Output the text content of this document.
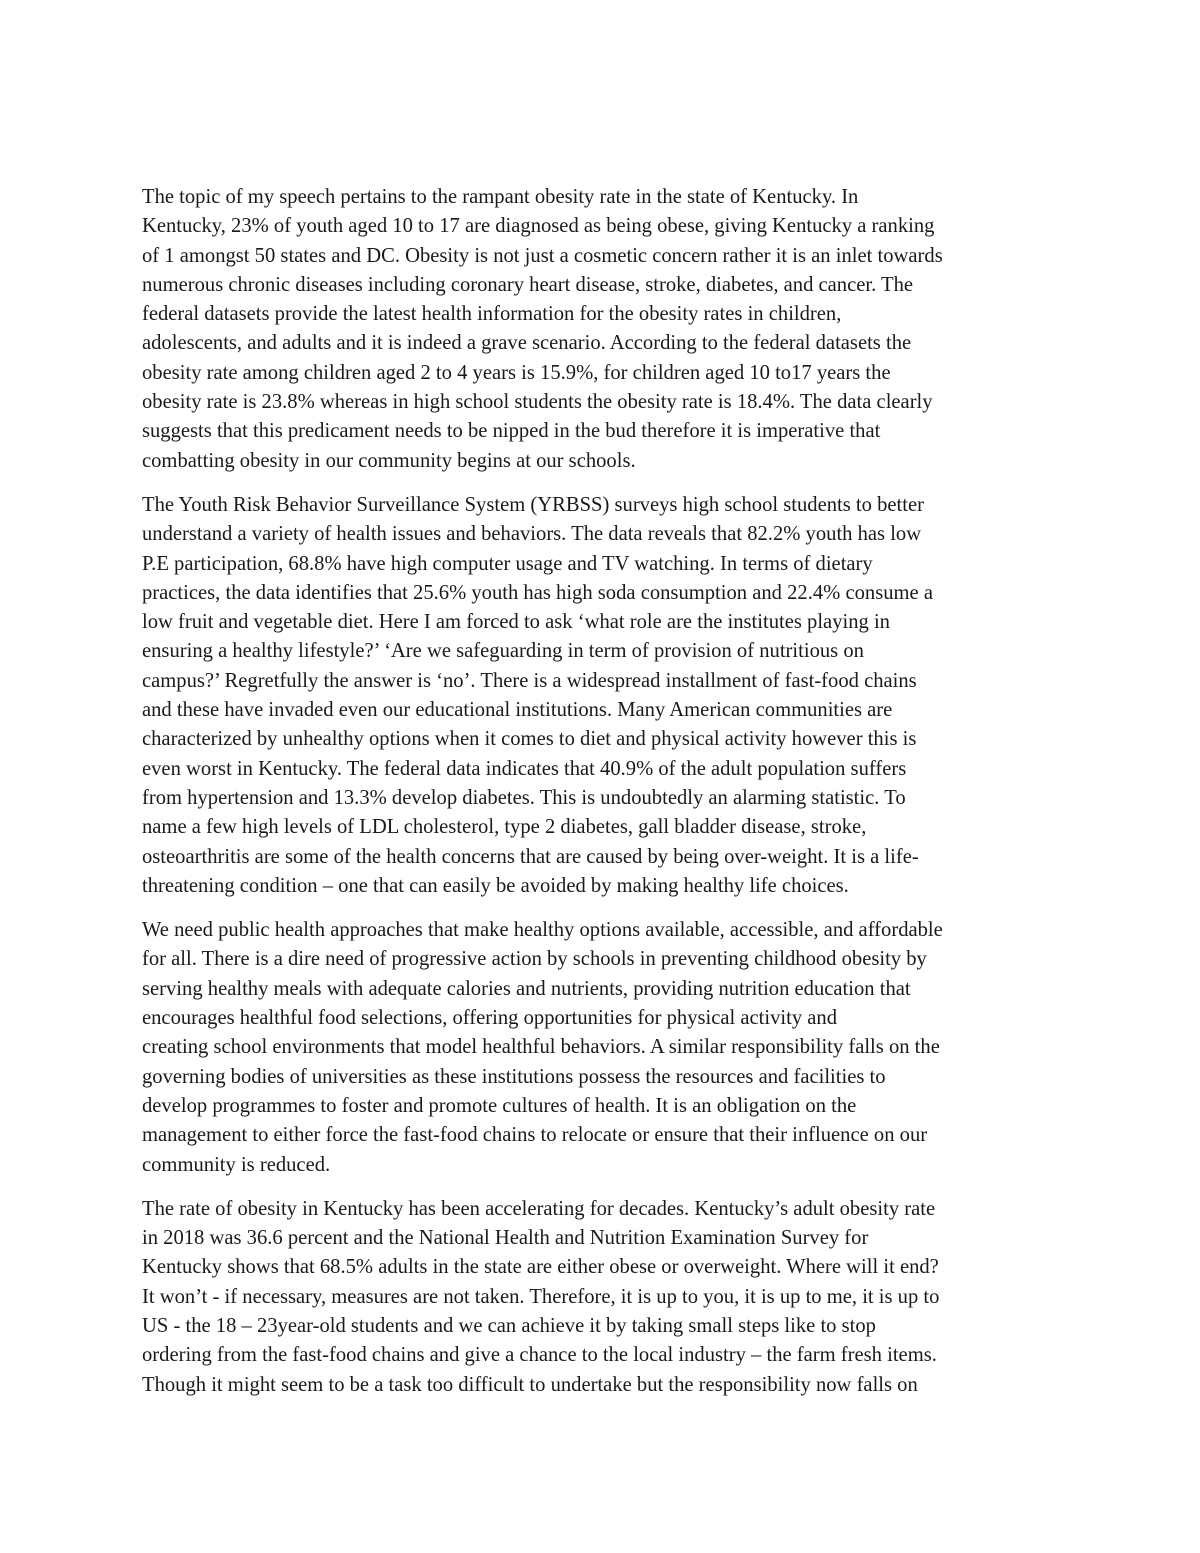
The topic of my speech pertains to the rampant obesity rate in the state of Kentucky. In
Kentucky, 23% of youth aged 10 to 17 are diagnosed as being obese, giving Kentucky a ranking
of 1 amongst 50 states and DC. Obesity is not just a cosmetic concern rather it is an inlet towards
numerous chronic diseases including coronary heart disease, stroke, diabetes, and cancer. The
federal datasets provide the latest health information for the obesity rates in children,
adolescents, and adults and it is indeed a grave scenario. According to the federal datasets the
obesity rate among children aged 2 to 4 years is 15.9%, for children aged 10 to17 years the
obesity rate is 23.8% whereas in high school students the obesity rate is 18.4%. The data clearly
suggests that this predicament needs to be nipped in the bud therefore it is imperative that
combatting obesity in our community begins at our schools.

The Youth Risk Behavior Surveillance System (YRBSS) surveys high school students to better
understand a variety of health issues and behaviors. The data reveals that 82.2% youth has low
P.E participation, 68.8% have high computer usage and TV watching. In terms of dietary
practices, the data identifies that 25.6% youth has high soda consumption and 22.4% consume a
low fruit and vegetable diet. Here I am forced to ask ‘what role are the institutes playing in
ensuring a healthy lifestyle?’ ‘Are we safeguarding in term of provision of nutritious on
campus?’ Regretfully the answer is ‘no’. There is a widespread installment of fast-food chains
and these have invaded even our educational institutions. Many American communities are
characterized by unhealthy options when it comes to diet and physical activity however this is
even worst in Kentucky. The federal data indicates that 40.9% of the adult population suffers
from hypertension and 13.3% develop diabetes. This is undoubtedly an alarming statistic. To
name a few high levels of LDL cholesterol, type 2 diabetes, gall bladder disease, stroke,
osteoarthritis are some of the health concerns that are caused by being over-weight. It is a life-
threatening condition – one that can easily be avoided by making healthy life choices.

We need public health approaches that make healthy options available, accessible, and affordable
for all. There is a dire need of progressive action by schools in preventing childhood obesity by
serving healthy meals with adequate calories and nutrients, providing nutrition education that
encourages healthful food selections, offering opportunities for physical activity and
creating school environments that model healthful behaviors. A similar responsibility falls on the
governing bodies of universities as these institutions possess the resources and facilities to
develop programmes to foster and promote cultures of health. It is an obligation on the
management to either force the fast-food chains to relocate or ensure that their influence on our
community is reduced.

The rate of obesity in Kentucky has been accelerating for decades. Kentucky’s adult obesity rate
in 2018 was 36.6 percent and the National Health and Nutrition Examination Survey for
Kentucky shows that 68.5% adults in the state are either obese or overweight. Where will it end?
It won’t - if necessary, measures are not taken. Therefore, it is up to you, it is up to me, it is up to
US - the 18 – 23year-old students and we can achieve it by taking small steps like to stop
ordering from the fast-food chains and give a chance to the local industry – the farm fresh items.
Though it might seem to be a task too difficult to undertake but the responsibility now falls on
